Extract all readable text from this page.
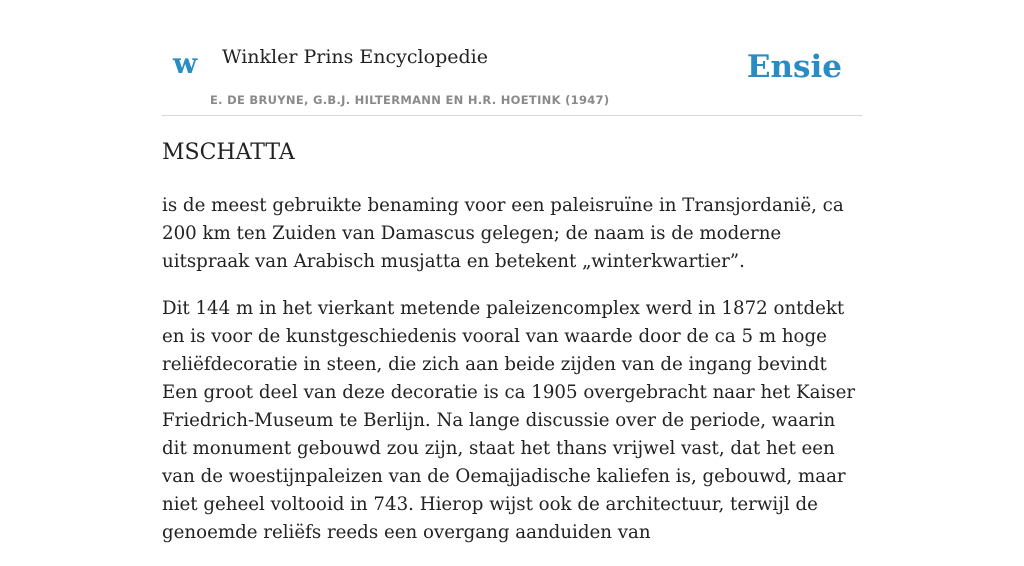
w Winkler Prins Encyclopedie
E. DE BRUYNE, G.B.J. HILTERMANN EN H.R. HOETINK (1947)
Ensie
MSCHATTA

is de meest gebruikte benaming voor een paleisruïne in Transjordanië, ca 200 km ten Zuiden van Damascus gelegen; de naam is de moderne uitspraak van Arabisch musjatta en betekent „winterkwartier”.

Dit 144 m in het vierkant metende paleizencomplex werd in 1872 ontdekt en is voor de kunstgeschiedenis vooral van waarde door de ca 5 m hoge reliëfdecoratie in steen, die zich aan beide zijden van de ingang bevindt Een groot deel van deze decoratie is ca 1905 overgebracht naar het Kaiser Friedrich-Museum te Berlijn. Na lange discussie over de periode, waarin dit monument gebouwd zou zijn, staat het thans vrijwel vast, dat het een van de woestijnpaleizen van de Oemajjadische kaliefen is, gebouwd, maar niet geheel voltooid in 743. Hierop wijst ook de architectuur, terwijl de genoemde reliëfs reeds een overgang aanduiden van
